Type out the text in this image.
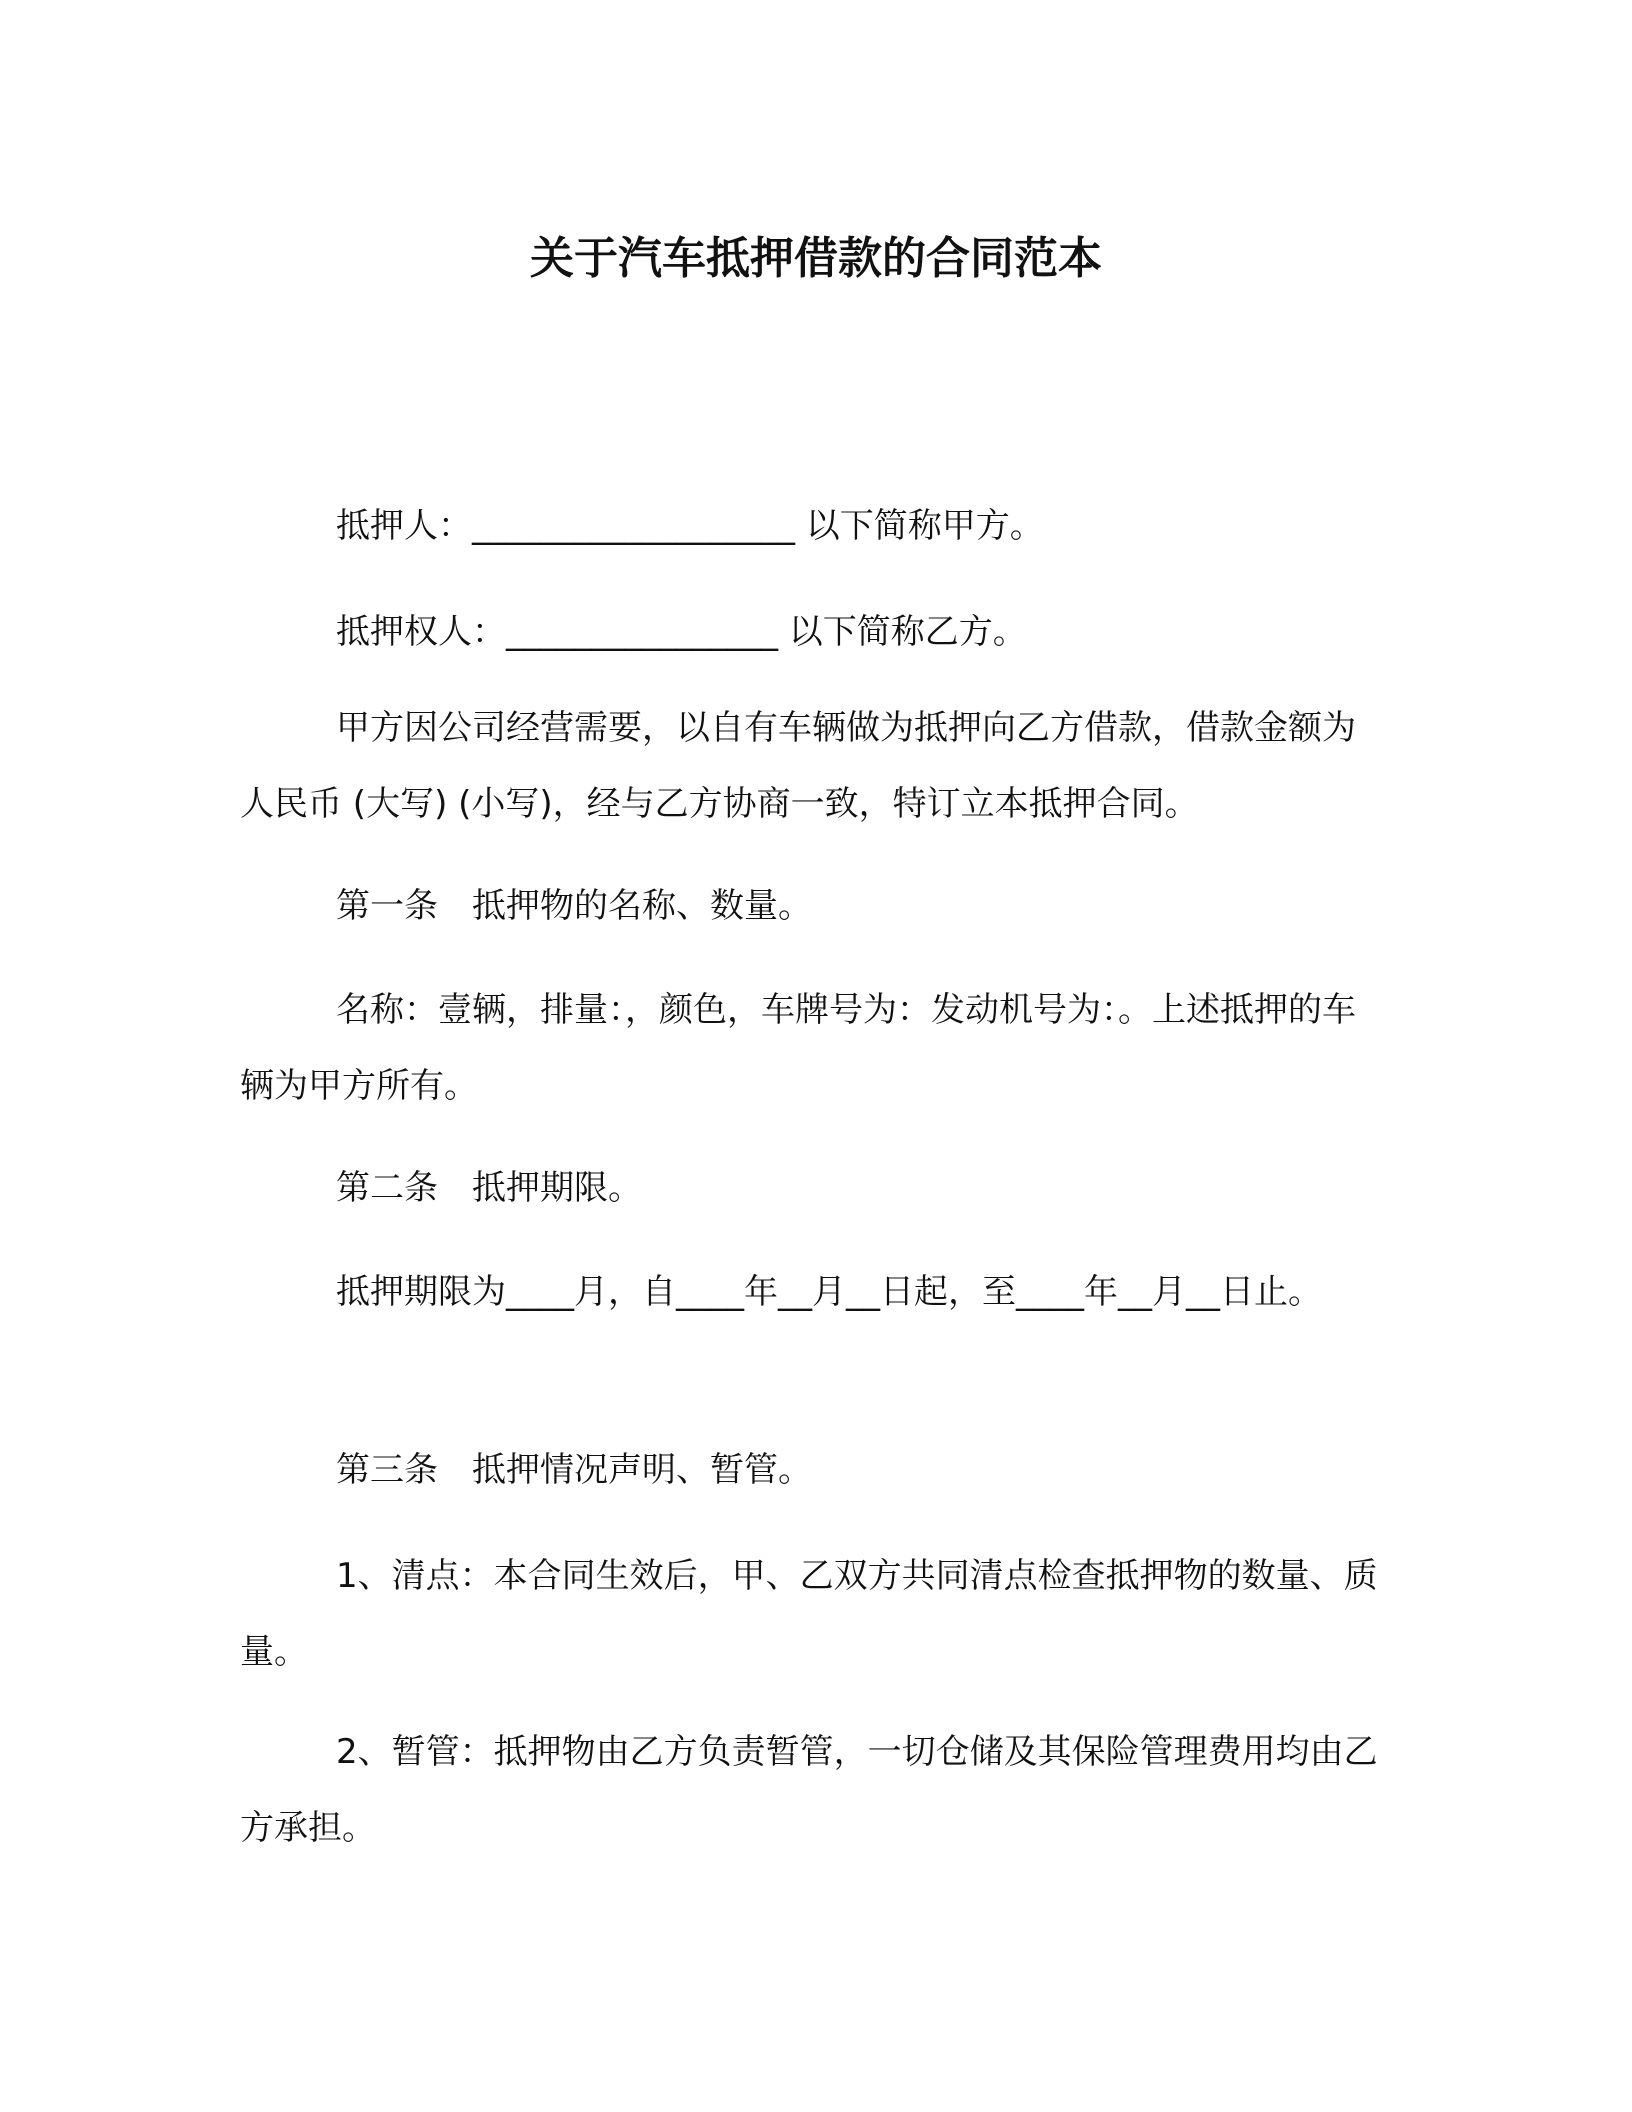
关于汽车抵押借款的合同范本

抵押人：___________________ 以下简称甲方。

抵押权人：________________ 以下简称乙方。

甲方因公司经营需要，以自有车辆做为抵押向乙方借款，借款金额为人民币 (大写) (小写)，经与乙方协商一致，特订立本抵押合同。

第一条　抵押物的名称、数量。

名称：壹辆，排量：，颜色，车牌号为：发动机号为：。上述抵押的车辆为甲方所有。

第二条　抵押期限。

抵押期限为____月，自____年__月__日起，至____年__月__日止。

第三条　抵押情况声明、暂管。

1、清点：本合同生效后，甲、乙双方共同清点检查抵押物的数量、质量。

2、暂管：抵押物由乙方负责暂管，一切仓储及其保险管理费用均由乙方承担。
